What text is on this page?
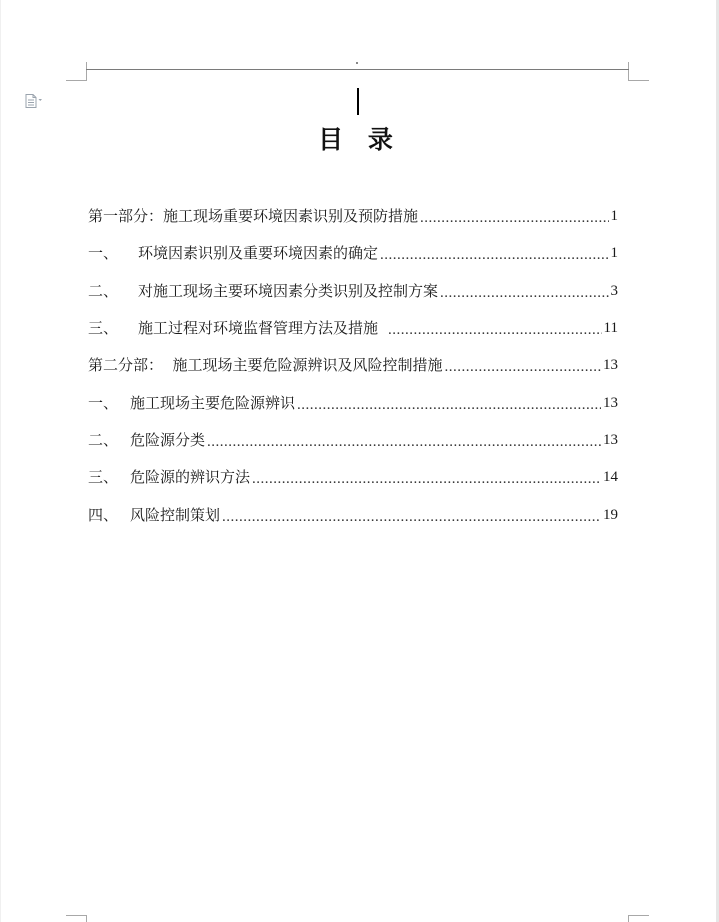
目 录
第一部分：施工现场重要环境因素识别及预防措施 .....	1
一、	环境因素识别及重要环境因素的确定 .....	1
二、	对施工现场主要环境因素分类识别及控制方案 .....	3
三、	施工过程对环境监督管理方法及措施 .....	11
第二分部：  施工现场主要危险源辨识及风险控制措施 .....	13
一、 施工现场主要危险源辨识 .....	13
二、 危险源分类 .....	13
三、 危险源的辨识方法 .....	14
四、 风险控制策划 .....	19
